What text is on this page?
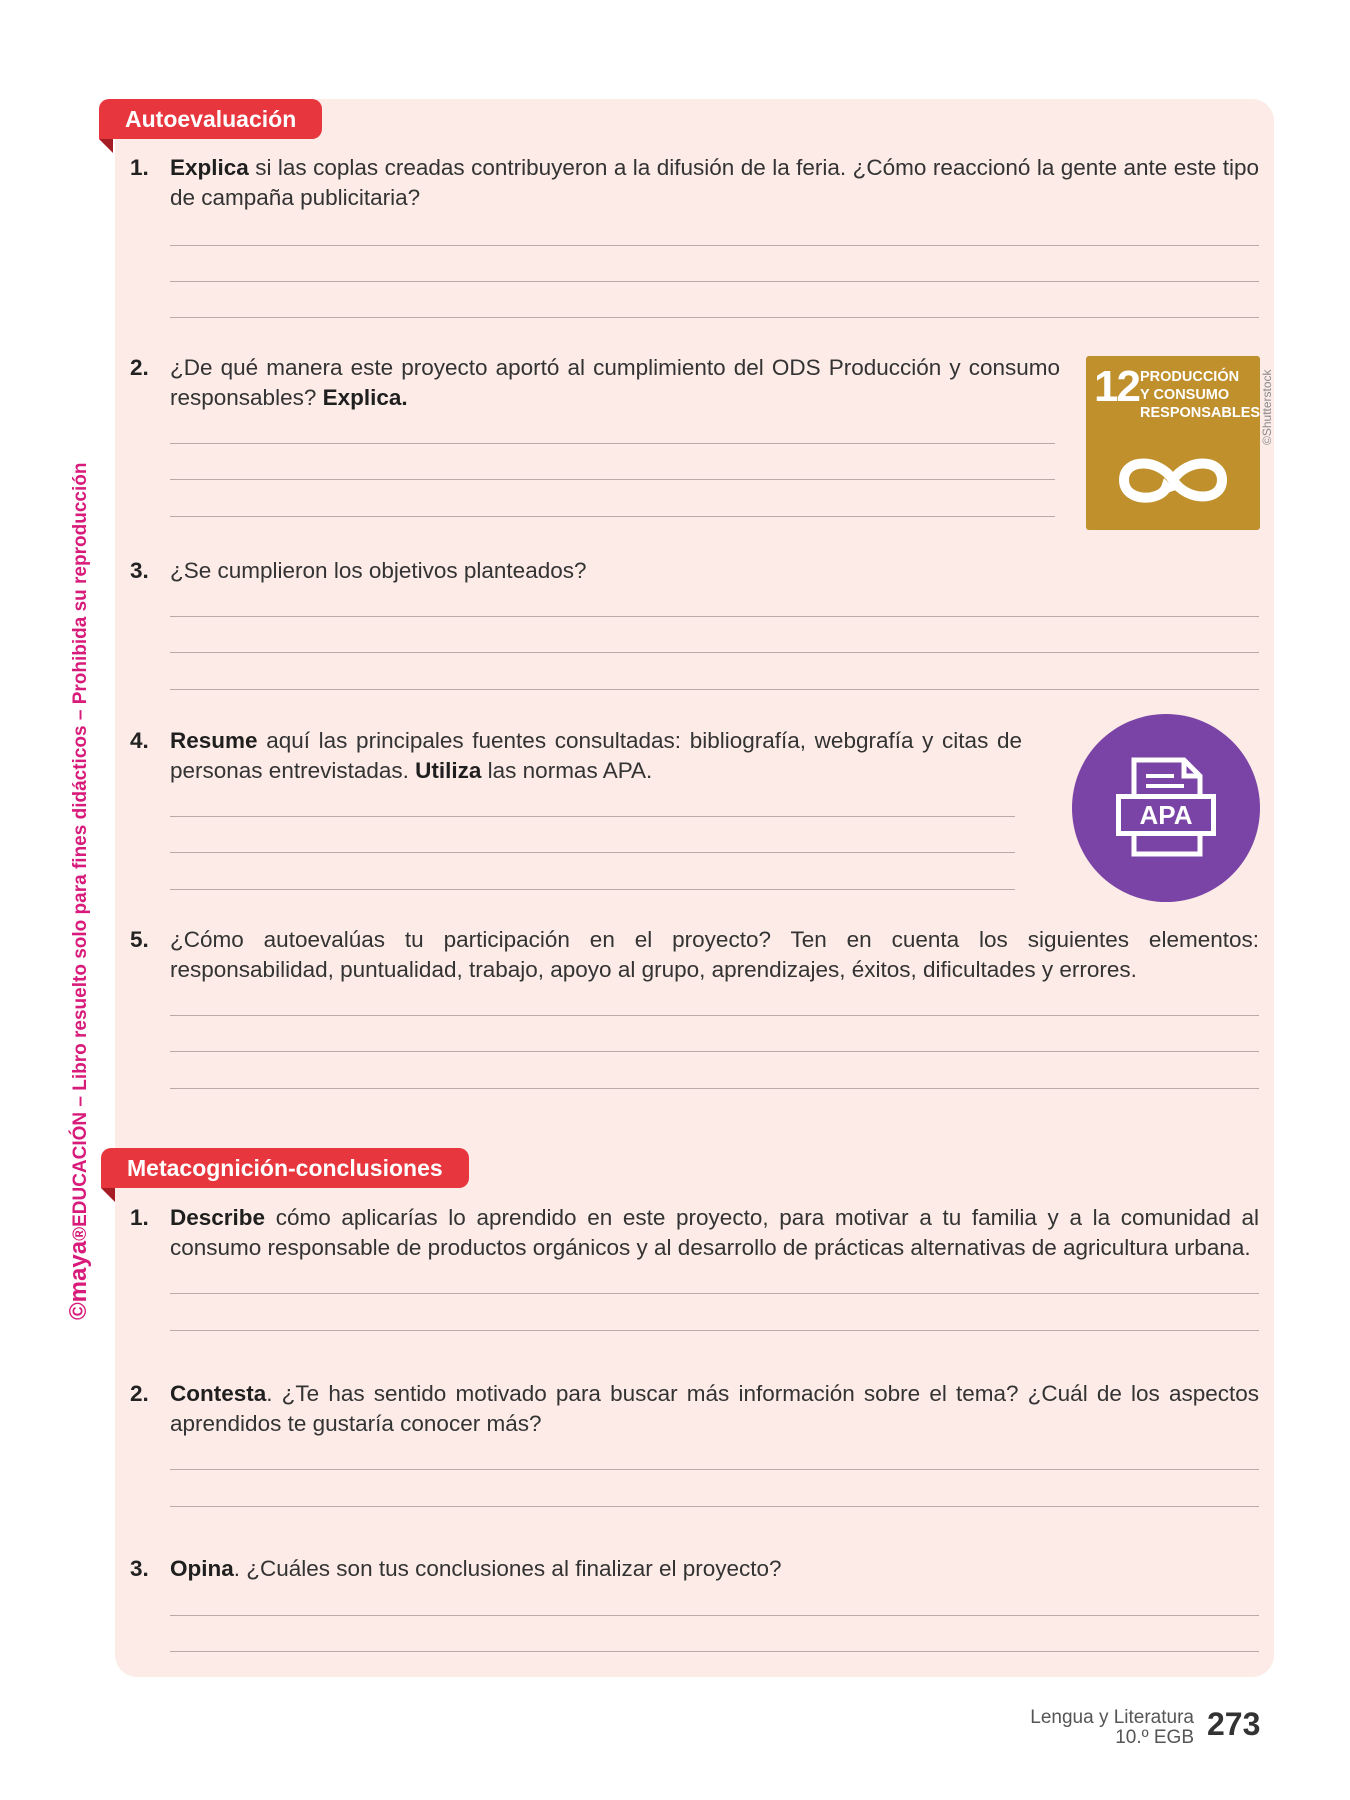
©maya®EDUCACIÓN – Libro resuelto solo para fines didácticos – Prohibida su reproducción
Autoevaluación
1. Explica si las coplas creadas contribuyeron a la difusión de la feria. ¿Cómo reaccionó la gente ante este tipo de campaña publicitaria?
2. ¿De qué manera este proyecto aportó al cumplimiento del ODS Producción y consumo responsables? Explica.	12 PRODUCCIÓN
Y CONSUMO
RESPONSABLES ©Shutterstock
3. ¿Se cumplieron los objetivos planteados?
4. Resume aquí las principales fuentes consultadas: bibliografía, webgrafía y citas de personas entrevistadas. Utiliza las normas APA.
APA
5. ¿Cómo autoevalúas tu participación en el proyecto? Ten en cuenta los siguientes elementos: responsabilidad, puntualidad, trabajo, apoyo al grupo, aprendizajes, éxitos, dificultades y errores.
Metacognición-conclusiones
1. Describe cómo aplicarías lo aprendido en este proyecto, para motivar a tu familia y a la comunidad al consumo responsable de productos orgánicos y al desarrollo de prácticas alternativas de agricultura urbana.
2. Contesta. ¿Te has sentido motivado para buscar más información sobre el tema? ¿Cuál de los aspectos aprendidos te gustaría conocer más?
3. Opina. ¿Cuáles son tus conclusiones al finalizar el proyecto?
Lengua y Literatura
10.º EGB 273
